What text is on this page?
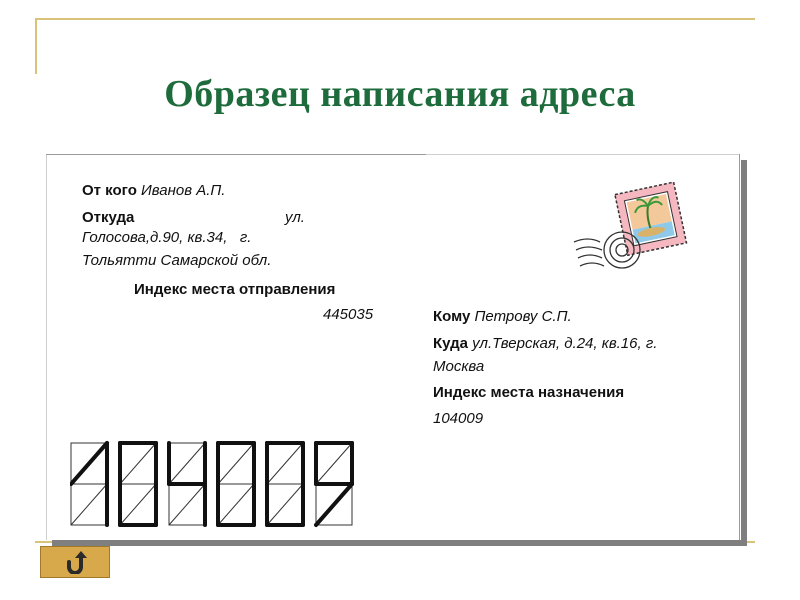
Образец написания адреса

От кого Иванов А.П.

Откуда	ул.

Голосова,д.90, кв.34,   г.

Тольятти Самарской обл.

Индекс места отправления

445035	Кому Петрову С.П.

Куда ул.Тверская, д.24, кв.16, г.

Москва

Индекс места назначения

104009
